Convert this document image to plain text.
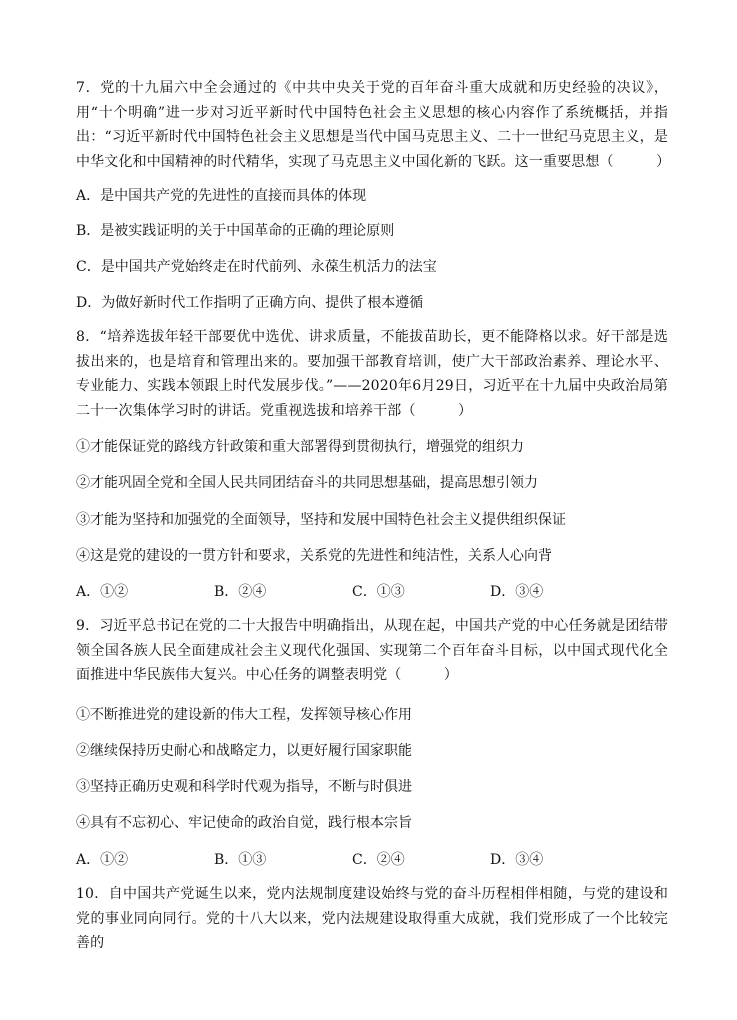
7．党的十九届六中全会通过的《中共中央关于党的百年奋斗重大成就和历史经验的决议》，用“十个明确”进一步对习近平新时代中国特色社会主义思想的核心内容作了系统概括，并指出：“习近平新时代中国特色社会主义思想是当代中国马克思主义、二十一世纪马克思主义，是中华文化和中国精神的时代精华，实现了马克思主义中国化新的飞跃。这一重要思想（　　　）

A．是中国共产党的先进性的直接而具体的体现
B．是被实践证明的关于中国革命的正确的理论原则
C．是中国共产党始终走在时代前列、永葆生机活力的法宝
D．为做好新时代工作指明了正确方向、提供了根本遵循

8．“培养选拔年轻干部要优中选优、讲求质量，不能拔苗助长，更不能降格以求。好干部是选拔出来的，也是培育和管理出来的。要加强干部教育培训，使广大干部政治素养、理论水平、专业能力、实践本领跟上时代发展步伐。”——2020年6月29日，习近平在十九届中央政治局第二十一次集体学习时的讲话。党重视选拔和培养干部（　　　）

①才能保证党的路线方针政策和重大部署得到贯彻执行，增强党的组织力
②才能巩固全党和全国人民共同团结奋斗的共同思想基础，提高思想引领力
③才能为坚持和加强党的全面领导，坚持和发展中国特色社会主义提供组织保证
④这是党的建设的一贯方针和要求，关系党的先进性和纯洁性，关系人心向背
A．①②	B．②④	C．①③	D．③④

9．习近平总书记在党的二十大报告中明确指出，从现在起，中国共产党的中心任务就是团结带领全国各族人民全面建成社会主义现代化强国、实现第二个百年奋斗目标，以中国式现代化全面推进中华民族伟大复兴。中心任务的调整表明党（　　　）

①不断推进党的建设新的伟大工程，发挥领导核心作用
②继续保持历史耐心和战略定力，以更好履行国家职能
③坚持正确历史观和科学时代观为指导，不断与时俱进
④具有不忘初心、牢记使命的政治自觉，践行根本宗旨
A．①②	B．①③	C．②④	D．③④

10．自中国共产党诞生以来，党内法规制度建设始终与党的奋斗历程相伴相随，与党的建设和党的事业同向同行。党的十八大以来，党内法规建设取得重大成就，我们党形成了一个比较完善的
